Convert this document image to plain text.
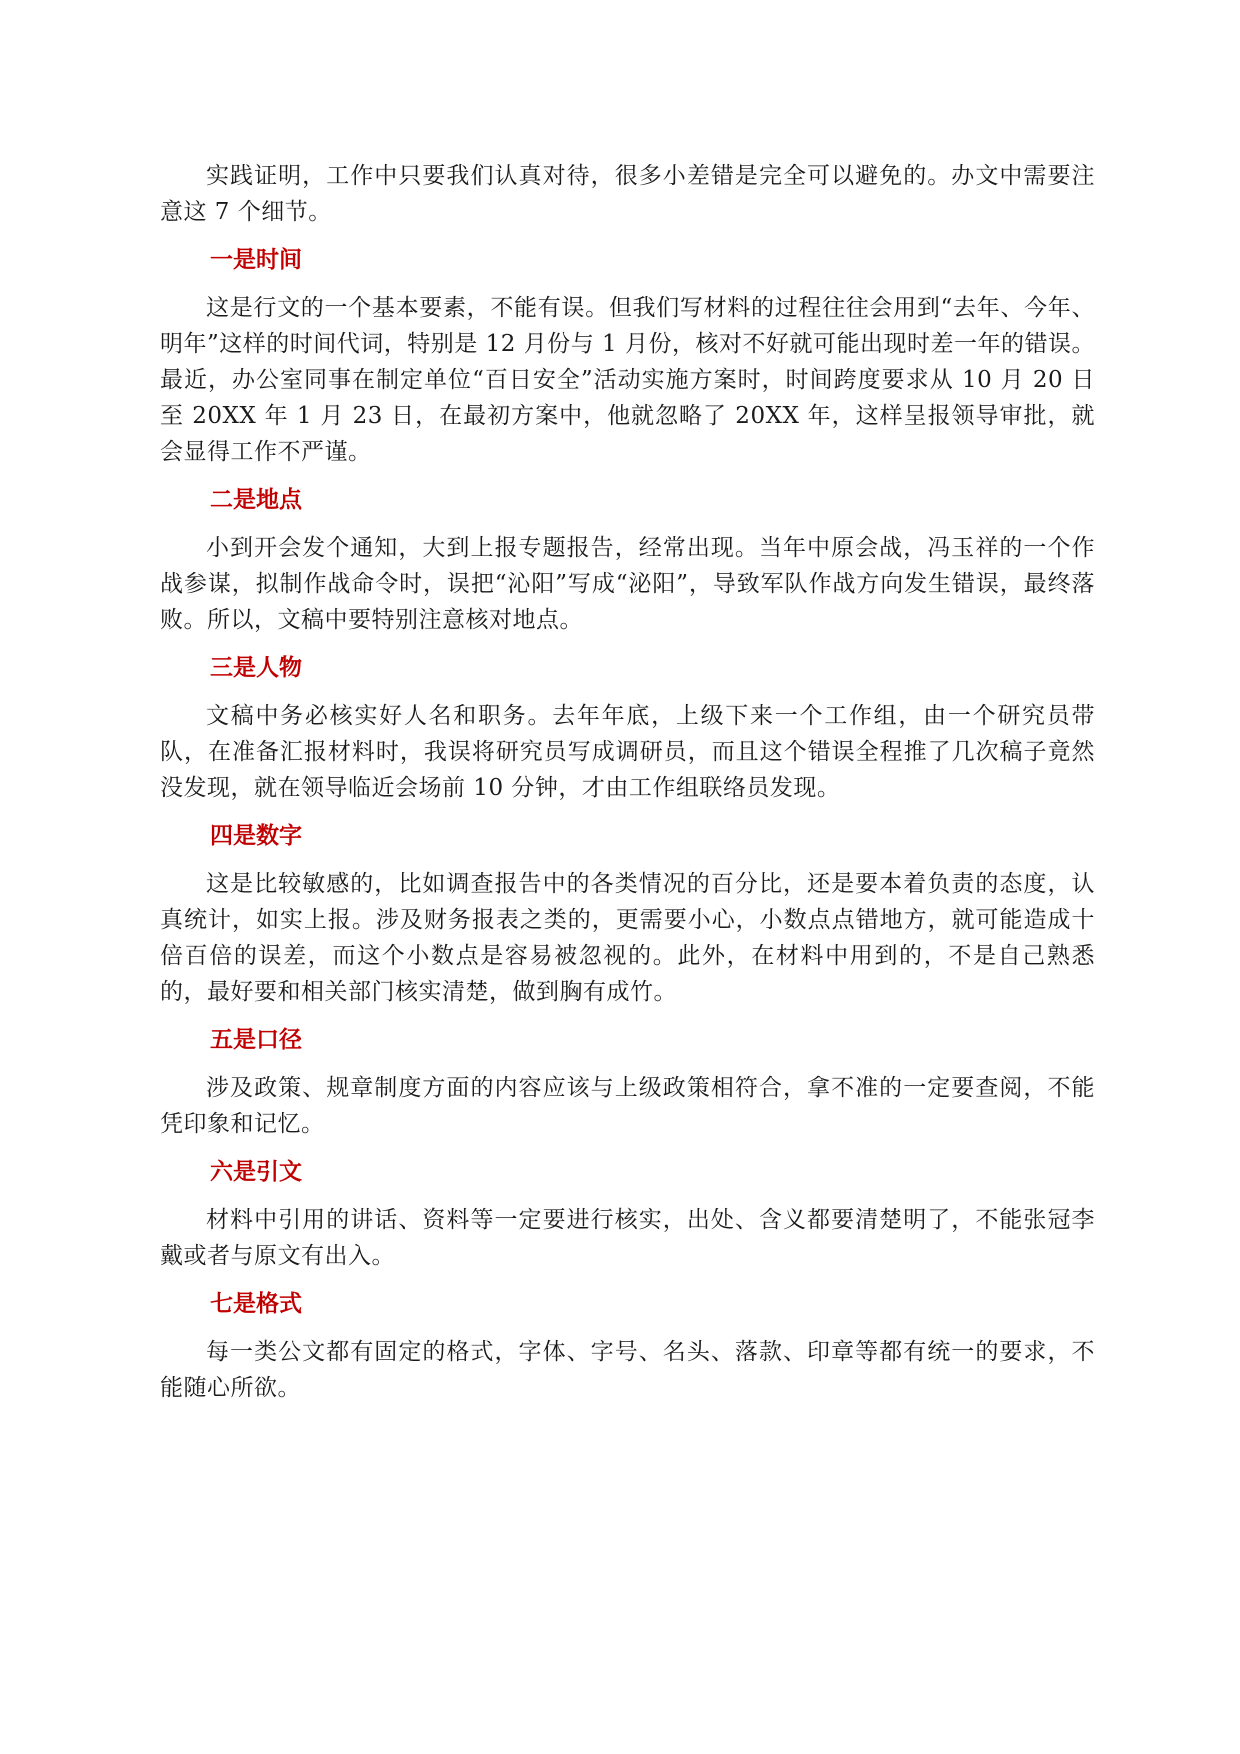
实践证明，工作中只要我们认真对待，很多小差错是完全可以避免的。办文中需要注意这 7 个细节。

一是时间

这是行文的一个基本要素，不能有误。但我们写材料的过程往往会用到“去年、今年、明年”这样的时间代词，特别是 12 月份与 1 月份，核对不好就可能出现时差一年的错误。最近，办公室同事在制定单位“百日安全”活动实施方案时，时间跨度要求从 10 月 20 日至 20XX 年 1 月 23 日，在最初方案中，他就忽略了 20XX 年，这样呈报领导审批，就会显得工作不严谨。

二是地点

小到开会发个通知，大到上报专题报告，经常出现。当年中原会战，冯玉祥的一个作战参谋，拟制作战命令时，误把“沁阳”写成“泌阳”，导致军队作战方向发生错误，最终落败。所以，文稿中要特别注意核对地点。

三是人物

文稿中务必核实好人名和职务。去年年底，上级下来一个工作组，由一个研究员带队，在准备汇报材料时，我误将研究员写成调研员，而且这个错误全程推了几次稿子竟然没发现，就在领导临近会场前 10 分钟，才由工作组联络员发现。

四是数字

这是比较敏感的，比如调查报告中的各类情况的百分比，还是要本着负责的态度，认真统计，如实上报。涉及财务报表之类的，更需要小心，小数点点错地方，就可能造成十倍百倍的误差，而这个小数点是容易被忽视的。此外，在材料中用到的，不是自己熟悉的，最好要和相关部门核实清楚，做到胸有成竹。

五是口径

涉及政策、规章制度方面的内容应该与上级政策相符合，拿不准的一定要查阅，不能凭印象和记忆。

六是引文

材料中引用的讲话、资料等一定要进行核实，出处、含义都要清楚明了，不能张冠李戴或者与原文有出入。

七是格式

每一类公文都有固定的格式，字体、字号、名头、落款、印章等都有统一的要求，不能随心所欲。
